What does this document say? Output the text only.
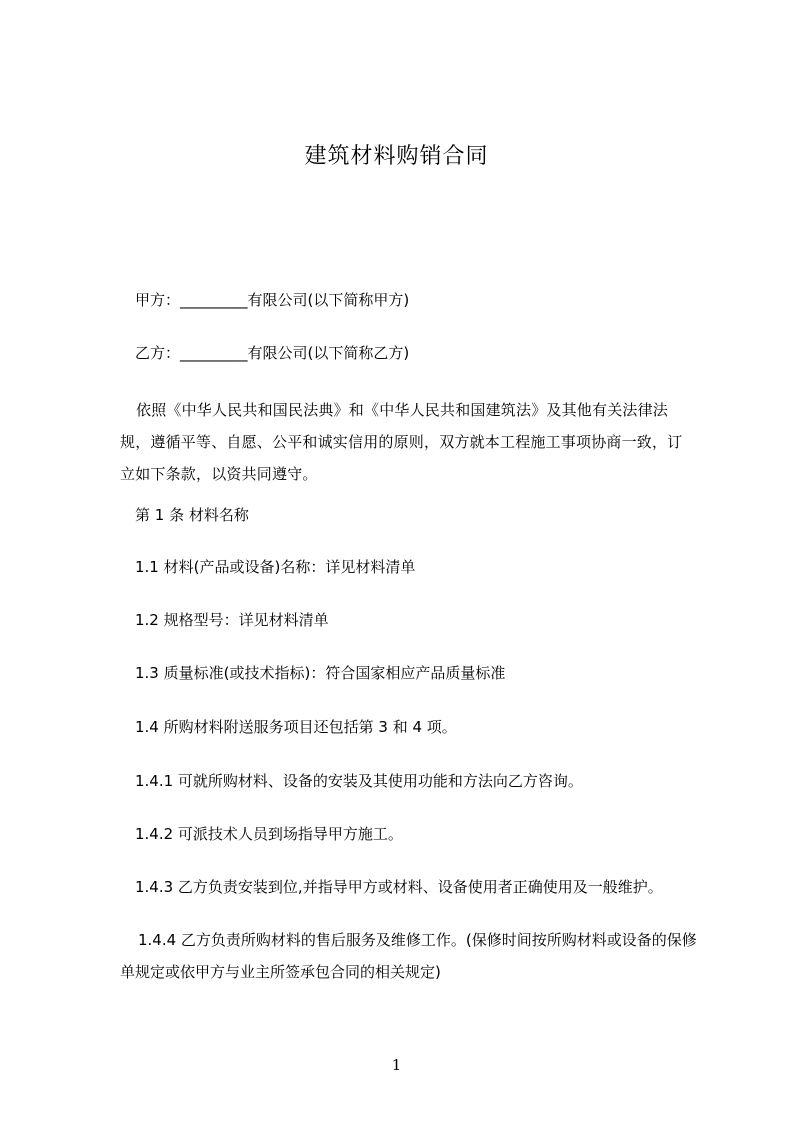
建筑材料购销合同
甲方：_________有限公司(以下简称甲方)
乙方：_________有限公司(以下简称乙方)
依照《中华人民共和国民法典》和《中华人民共和国建筑法》及其他有关法律法规，遵循平等、自愿、公平和诚实信用的原则，双方就本工程施工事项协商一致，订立如下条款，以资共同遵守。
第 1 条 材料名称
1.1 材料(产品或设备)名称：详见材料清单
1.2 规格型号：详见材料清单
1.3 质量标准(或技术指标)：符合国家相应产品质量标准
1.4 所购材料附送服务项目还包括第 3 和 4 项。
1.4.1 可就所购材料、设备的安装及其使用功能和方法向乙方咨询。
1.4.2 可派技术人员到场指导甲方施工。
1.4.3 乙方负责安装到位,并指导甲方或材料、设备使用者正确使用及一般维护。
1.4.4 乙方负责所购材料的售后服务及维修工作。(保修时间按所购材料或设备的保修单规定或依甲方与业主所签承包合同的相关规定)
1
